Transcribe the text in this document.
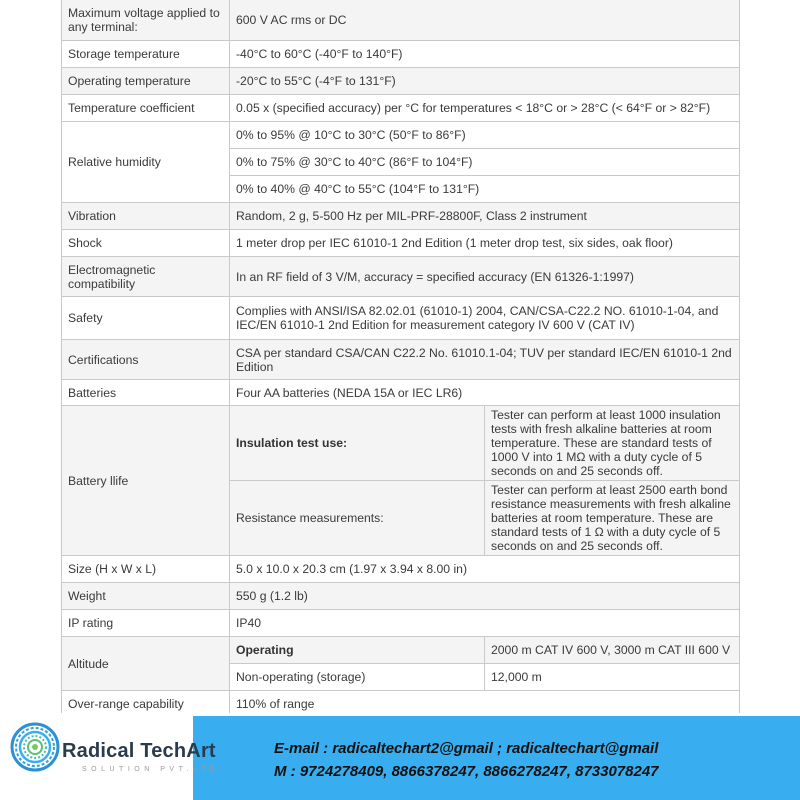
Maximum voltage applied to any terminal:	600 V AC rms or DC	
Storage temperature	-40°C to 60°C (-40°F to 140°F)	
Operating temperature	-20°C to 55°C (-4°F to 131°F)	
Temperature coefficient	0.05 x (specified accuracy) per °C for temperatures < 18°C or > 28°C (< 64°F or > 82°F)	
Relative humidity	0% to 95% @ 10°C to 30°C (50°F to 86°F)	
	0% to 75% @ 30°C to 40°C (86°F to 104°F)	
	0% to 40% @ 40°C to 55°C (104°F to 131°F)	
Vibration	Random, 2 g, 5-500 Hz per MIL-PRF-28800F, Class 2 instrument	
Shock	1 meter drop per IEC 61010-1 2nd Edition (1 meter drop test, six sides, oak floor)	
Electromagnetic compatibility	In an RF field of 3 V/M, accuracy = specified accuracy (EN 61326-1:1997)	
Safety	Complies with ANSI/ISA 82.02.01 (61010-1) 2004, CAN/CSA-C22.2 NO. 61010-1-04, and IEC/EN 61010-1 2nd Edition for measurement category IV 600 V (CAT IV)	
Certifications	CSA per standard CSA/CAN C22.2 No. 61010.1-04; TUV per standard IEC/EN 61010-1 2nd Edition	
Batteries	Four AA batteries (NEDA 15A or IEC LR6)	
Battery llife	Insulation test use:	Tester can perform at least 1000 insulation tests with fresh alkaline batteries at room temperature. These are standard tests of 1000 V into 1 MΩ with a duty cycle of 5 seconds on and 25 seconds off.
	Resistance measurements:	Tester can perform at least 2500 earth bond resistance measurements with fresh alkaline batteries at room temperature. These are standard tests of 1 Ω with a duty cycle of 5 seconds on and 25 seconds off.
Size (H x W x L)	5.0 x 10.0 x 20.3 cm (1.97 x 3.94 x 8.00 in)	
Weight	550 g (1.2 lb)	
IP rating	IP40	
Altitude	Operating	2000 m CAT IV 600 V, 3000 m CAT III 600 V
	Non-operating (storage)	12,000 m
Over-range capability	110% of range	
E-mail : radicaltechart2@gmail ; radicaltechart@gmail
M : 9724278409, 8866378247, 8866278247, 8733078247
Radical TechArt
SOLUTION PVT.LTD.
